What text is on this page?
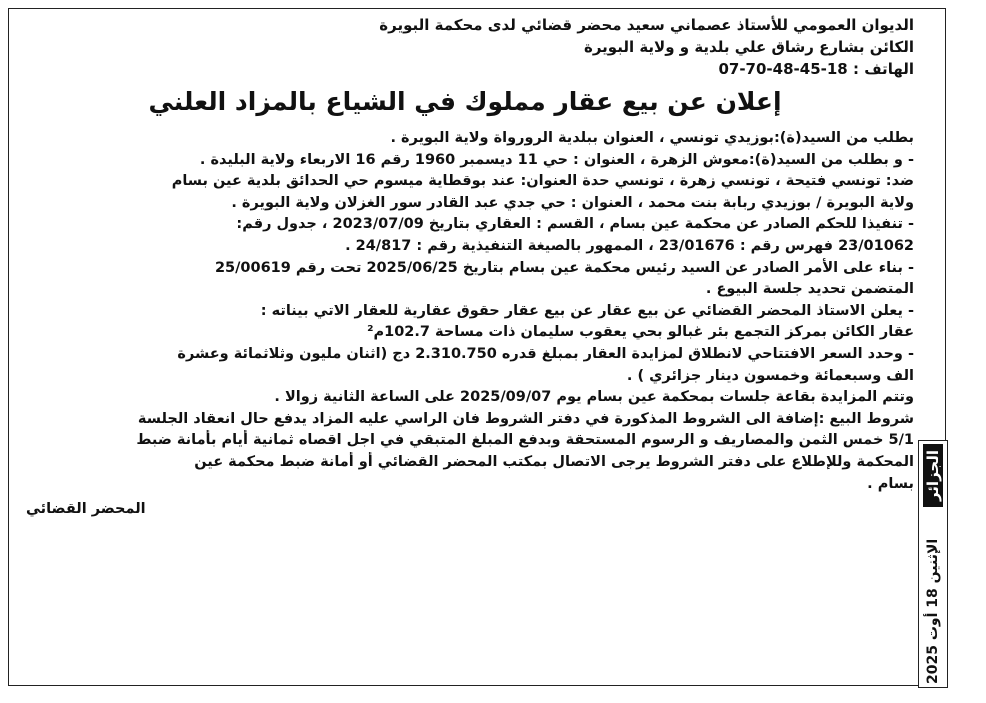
الديوان العمومي للأستاذ عصماني سعيد محضر قضائي لدى محكمة البويرة
الكائن بشارع رشاق علي بلدية و ولاية البويرة
الهاتف : 18-45-48-70-07
إعلان عن بيع عقار مملوك في الشياع بالمزاد العلني

بطلب من السيد(ة):بوزيدي تونسي ، العنوان ببلدية الرورواة ولاية البويرة .

- و بطلب من السيد(ة):معوش الزهرة ، العنوان : حي 11 ديسمبر 1960 رقم 16 الاربعاء ولاية البليدة .

ضد: تونسي فتيحة ، تونسي زهرة ، تونسي حدة العنوان: عند بوقطاية ميسوم حي الحدائق بلدية عين بسام

ولاية البويرة / بوزيدي ربابة بنت محمد ، العنوان : حي جدي عبد القادر سور الغزلان ولاية البويرة .

- تنفيذا للحكم الصادر عن محكمة عين بسام ، القسم : العقاري بتاريخ 2023/07/09 ، جدول رقم:

23/01062 فهرس رقم : 23/01676 ، الممهور بالصيغة التنفيذية رقم : 24/817 .

- بناء على الأمر الصادر عن السيد رئيس محكمة عين بسام بتاريخ 2025/06/25 تحت رقم 25/00619

المتضمن تحديد جلسة البيوع .

- يعلن الاستاذ المحضر القضائي عن بيع عقار عن بيع عقار حقوق عقارية للعقار الاتي بيناته :

عقار الكائن بمركز التجمع بئر غبالو بحي يعقوب سليمان ذات مساحة 102.7م²

- وحدد السعر الافتتاحي لانطلاق لمزايدة العقار بمبلغ قدره 2.310.750 دج (اثنان مليون وثلاثمائة وعشرة

الف وسبعمائة وخمسون دينار جزائري ) .

وتتم المزايدة بقاعة جلسات بمحكمة عين بسام يوم 2025/09/07 على الساعة الثانية زوالا .

شروط البيع :إضافة الى الشروط المذكورة في دفتر الشروط فان الراسي عليه المزاد يدفع حال انعقاد الجلسة

5/1 خمس الثمن والمصاريف و الرسوم المستحقة وبدفع المبلغ المتبقي في اجل اقصاه ثمانية أيام بأمانة ضبط

المحكمة وللإطلاع على دفتر الشروط يرجى الاتصال بمكتب المحضر القضائي أو أمانة ضبط محكمة عين

بسام .

المحضر القضائي
الجزائر
الإثنين 18 أوت 2025
